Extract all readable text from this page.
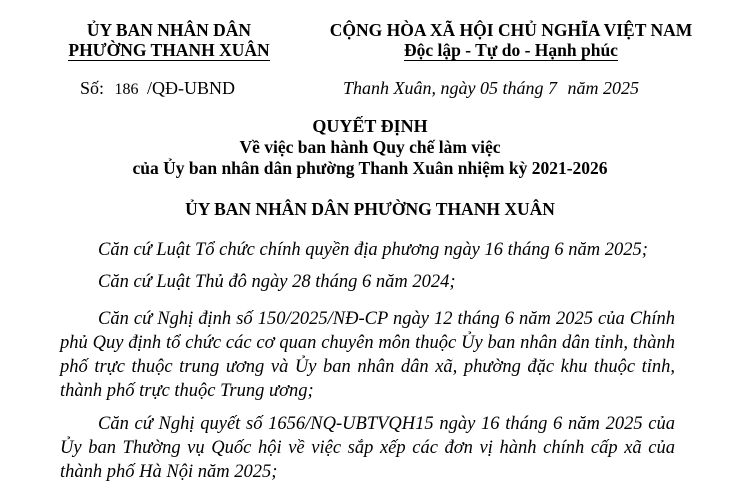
ỦY BAN NHÂN DÂN
PHƯỜNG THANH XUÂN
CỘNG HÒA XÃ HỘI CHỦ NGHĨA VIỆT NAM
Độc lập - Tự do - Hạnh phúc
Số: 186 /QĐ-UBND	Thanh Xuân, ngày 05 tháng 7 năm 2025
QUYẾT ĐỊNH
Về việc ban hành Quy chế làm việc
của Ủy ban nhân dân phường Thanh Xuân nhiệm kỳ 2021-2026
ỦY BAN NHÂN DÂN PHƯỜNG THANH XUÂN
Căn cứ Luật Tổ chức chính quyền địa phương ngày 16 tháng 6 năm 2025;
Căn cứ Luật Thủ đô ngày 28 tháng 6 năm 2024;
Căn cứ Nghị định số 150/2025/NĐ-CP ngày 12 tháng 6 năm 2025 của Chính phủ Quy định tổ chức các cơ quan chuyên môn thuộc Ủy ban nhân dân tỉnh, thành phố trực thuộc trung ương và Ủy ban nhân dân xã, phường đặc khu thuộc tỉnh, thành phố trực thuộc Trung ương;
Căn cứ Nghị quyết số 1656/NQ-UBTVQH15 ngày 16 tháng 6 năm 2025 của Ủy ban Thường vụ Quốc hội về việc sắp xếp các đơn vị hành chính cấp xã của thành phố Hà Nội năm 2025;
